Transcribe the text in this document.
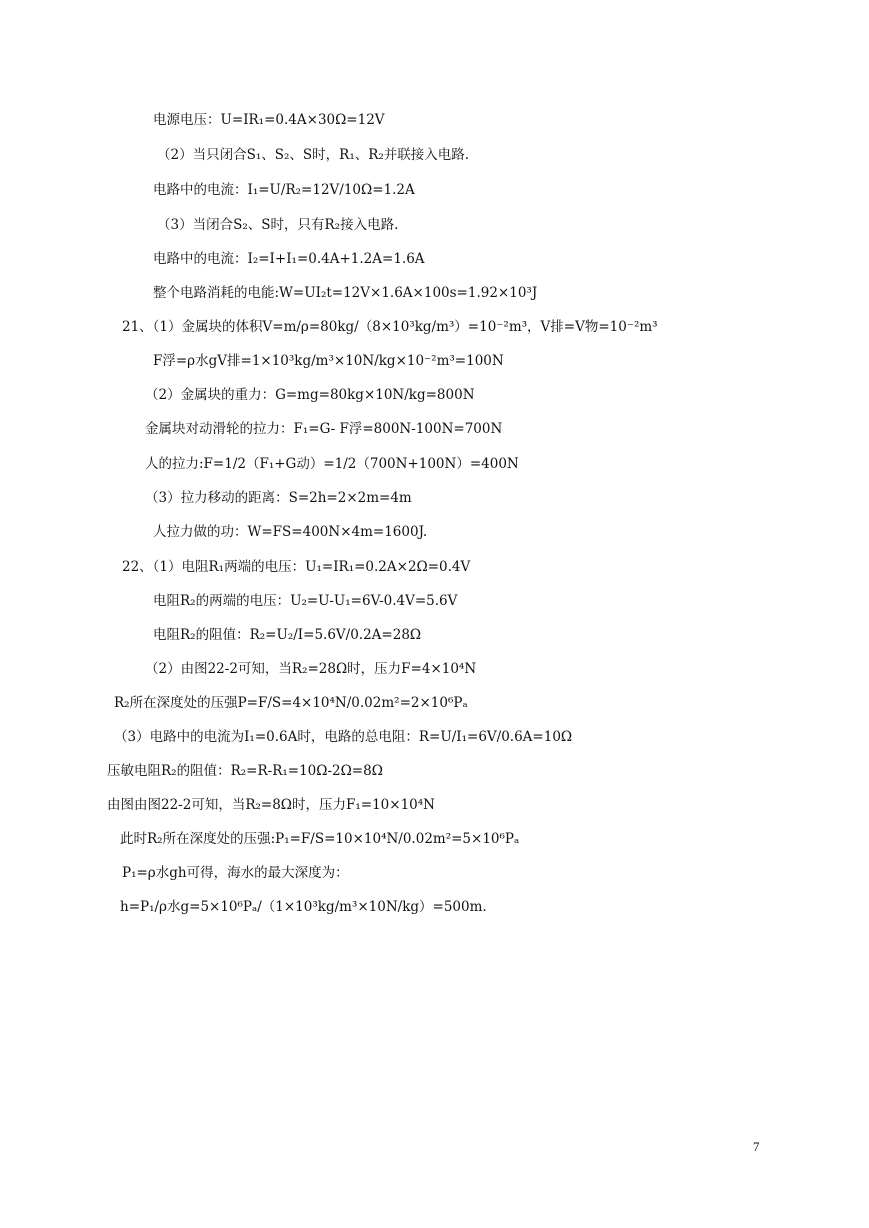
电源电压：U=IR₁=0.4A×30Ω=12V
（2）当只闭合S₁、S₂、S时，R₁、R₂并联接入电路.
电路中的电流：I₁=U/R₂=12V/10Ω=1.2A
（3）当闭合S₂、S时，只有R₂接入电路.
电路中的电流：I₂=I+I₁=0.4A+1.2A=1.6A
整个电路消耗的电能:W=UI₂t=12V×1.6A×100s=1.92×10³J
21、（1）金属块的体积V=m/ρ=80kg/（8×10³kg/m³）=10⁻²m³，V排=V物=10⁻²m³
F浮=ρ水gV排=1×10³kg/m³×10N/kg×10⁻²m³=100N
（2）金属块的重力：G=mg=80kg×10N/kg=800N
金属块对动滑轮的拉力：F₁=G- F浮=800N-100N=700N
人的拉力:F=1/2（F₁+G动）=1/2（700N+100N）=400N
（3）拉力移动的距离：S=2h=2×2m=4m
人拉力做的功：W=FS=400N×4m=1600J.
22、（1）电阻R₁两端的电压：U₁=IR₁=0.2A×2Ω=0.4V
电阻R₂的两端的电压：U₂=U-U₁=6V-0.4V=5.6V
电阻R₂的阻值：R₂=U₂/I=5.6V/0.2A=28Ω
（2）由图22-2可知，当R₂=28Ω时，压力F=4×10⁴N
R₂所在深度处的压强P=F/S=4×10⁴N/0.02m²=2×10⁶Pₐ
（3）电路中的电流为I₁=0.6A时，电路的总电阻：R=U/I₁=6V/0.6A=10Ω
压敏电阻R₂的阻值：R₂=R-R₁=10Ω-2Ω=8Ω
由图由图22-2可知，当R₂=8Ω时，压力F₁=10×10⁴N
此时R₂所在深度处的压强:P₁=F/S=10×10⁴N/0.02m²=5×10⁶Pₐ
P₁=ρ水gh可得，海水的最大深度为：
h=P₁/ρ水g=5×10⁶Pₐ/（1×10³kg/m³×10N/kg）=500m.
7
